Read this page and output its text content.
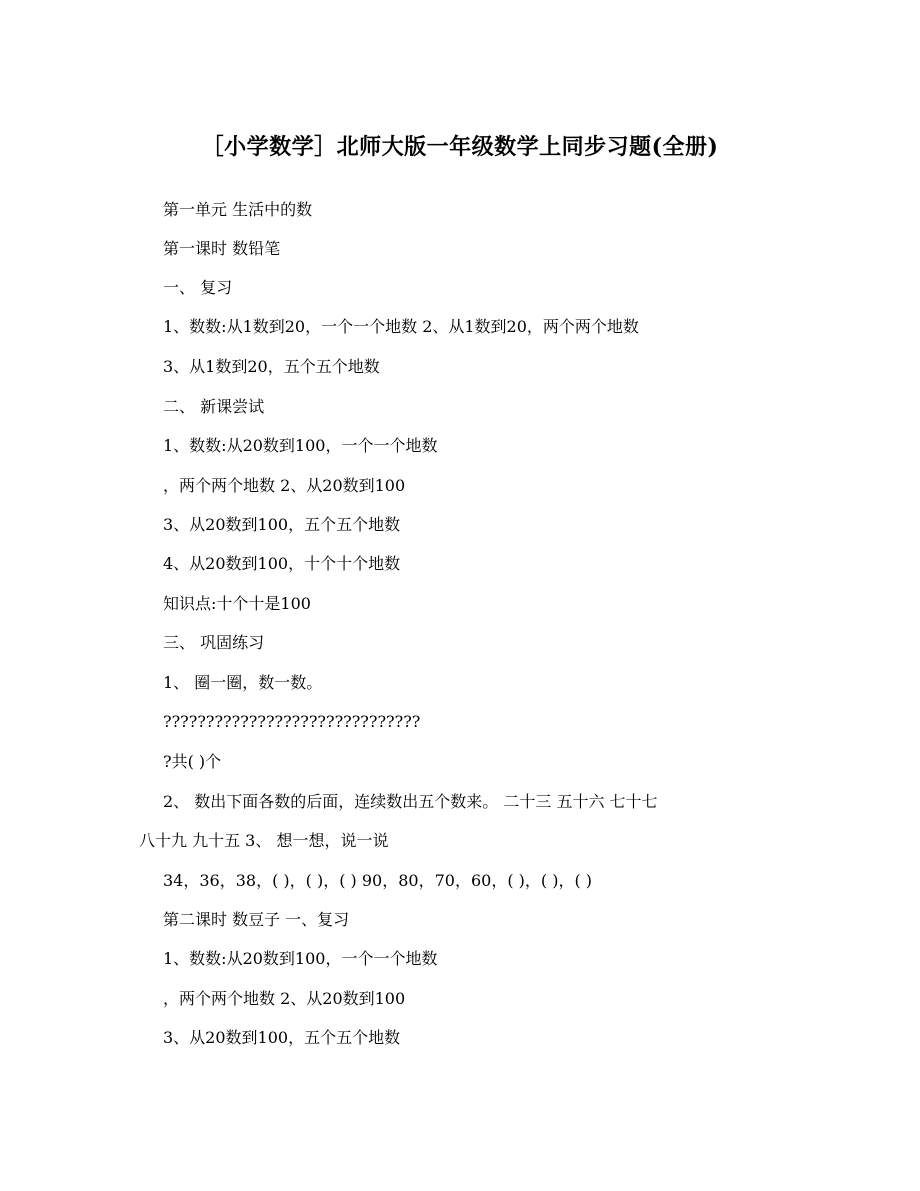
［小学数学］北师大版一年级数学上同步习题(全册)
第一单元 生活中的数
第一课时 数铅笔
一、 复习
1、数数:从1数到20，一个一个地数 2、从1数到20，两个两个地数
3、从1数到20，五个五个地数
二、 新课尝试
1、数数:从20数到100，一个一个地数
，两个两个地数 2、从20数到100
3、从20数到100，五个五个地数
4、从20数到100，十个十个地数
知识点:十个十是100
三、 巩固练习
1、 圈一圈，数一数。
??????????????????????????????
?共( )个
2、 数出下面各数的后面，连续数出五个数来。 二十三 五十六 七十七
八十九 九十五 3、 想一想，说一说
34，36，38，( )，( )，( ) 90，80，70，60，( )，( )，( )
第二课时 数豆子 一、复习
1、数数:从20数到100，一个一个地数
，两个两个地数 2、从20数到100
3、从20数到100，五个五个地数
